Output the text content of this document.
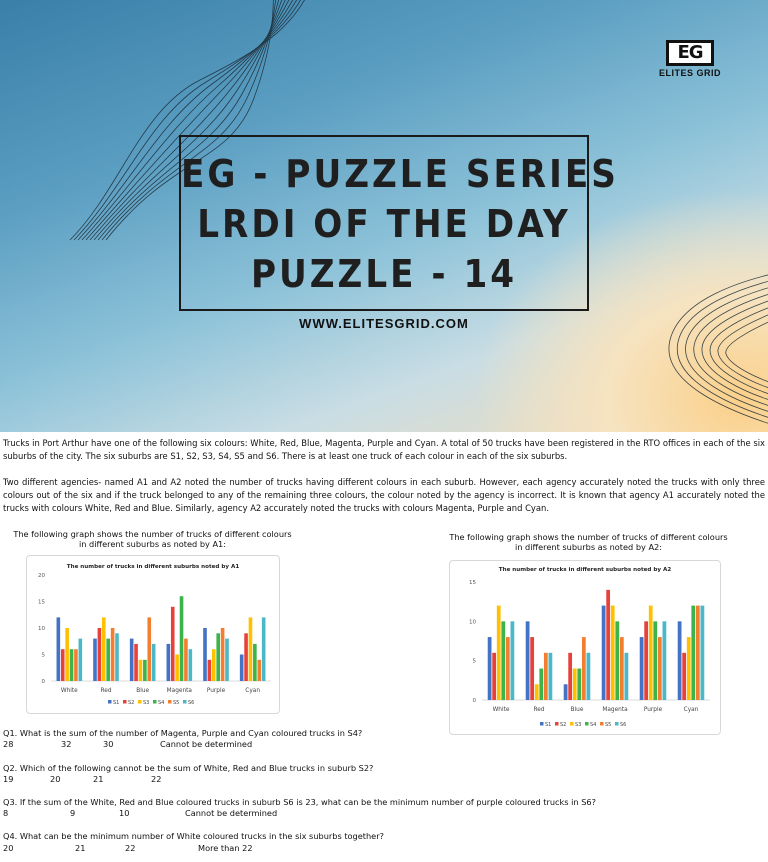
EG
ELITES GRID
EG - PUZZLE SERIES
LRDI OF THE DAY
PUZZLE - 14
WWW.ELITESGRID.COM
Trucks in Port Arthur have one of the following six colours: White, Red, Blue, Magenta, Purple and Cyan. A total of 50 trucks have been registered in the RTO offices in each of the six suburbs of the city. The six suburbs are S1, S2, S3, S4, S5 and S6. There is at least one truck of each colour in each of the six suburbs.
Two different agencies- named A1 and A2 noted the number of trucks having different colours in each suburb. However, each agency accurately noted the trucks with only three colours out of the six and if the truck belonged to any of the remaining three colours, the colour noted by the agency is incorrect. It is known that agency A1 accurately noted the trucks with colours White, Red and Blue. Similarly, agency A2 accurately noted the trucks with colours Magenta, Purple and Cyan.
The following graph shows the number of trucks of different colours in different suburbs as noted by A1:
The following graph shows the number of trucks of different colours in different suburbs as noted by A2:
The number of trucks in different suburbs noted by A1
0
5
10
15
20
White	Red	Blue	Magenta	Purple	Cyan
S1 S2 S3 S4 S5 S6
The number of trucks in different suburbs noted by A2
0
5
10
15
White	Red	Blue	Magenta	Purple	Cyan
S1 S2 S3 S4 S5 S6
Q1. What is the sum of the number of Magenta, Purple and Cyan coloured trucks in S4?
28	32	30	Cannot be determined
Q2. Which of the following cannot be the sum of White, Red and Blue trucks in suburb S2?
19	20	21	22
Q3. If the sum of the White, Red and Blue coloured trucks in suburb S6 is 23, what can be the minimum number of purple coloured trucks in S6?
8	9	10	Cannot be determined
Q4. What can be the minimum number of White coloured trucks in the six suburbs together?
20	21	22	More than 22
